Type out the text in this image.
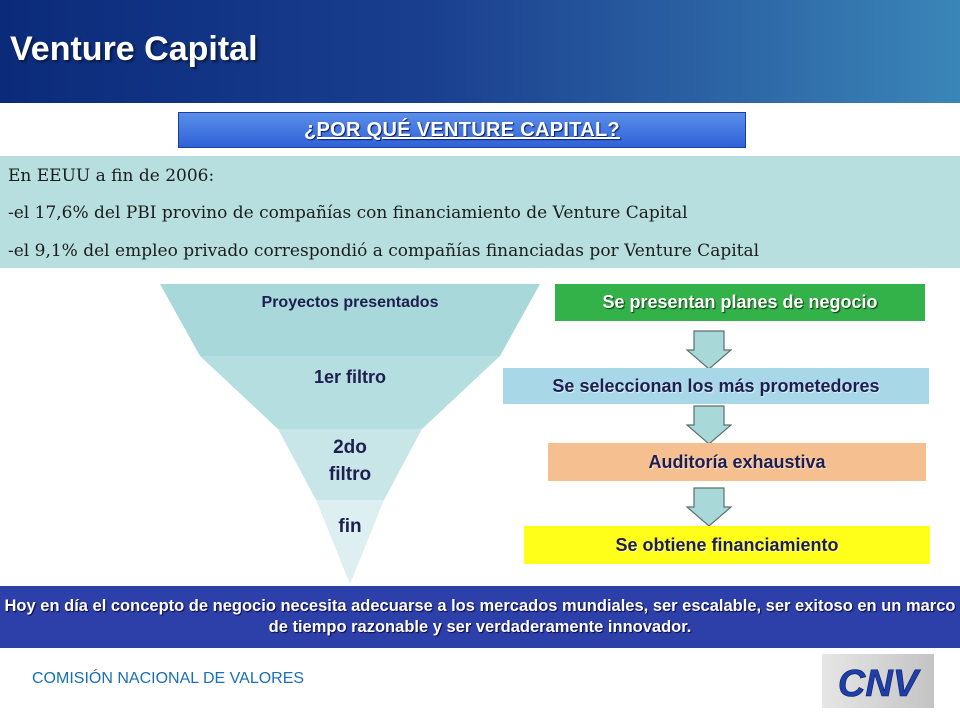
Venture Capital
¿POR QUÉ VENTURE CAPITAL?
En EEUU a fin de 2006:
-el 17,6% del PBI provino de compañías con financiamiento de Venture Capital
-el 9,1% del empleo privado correspondió a compañías financiadas por Venture Capital
Proyectos presentados
1er filtro
2do filtro
fin
Se presentan planes de negocio
Se seleccionan los más prometedores
Auditoría exhaustiva
Se obtiene financiamiento
Hoy en día el concepto de negocio necesita adecuarse a los mercados mundiales, ser escalable, ser exitoso en un marco de tiempo razonable y ser verdaderamente innovador.
COMISIÓN NACIONAL DE VALORES	CNV
